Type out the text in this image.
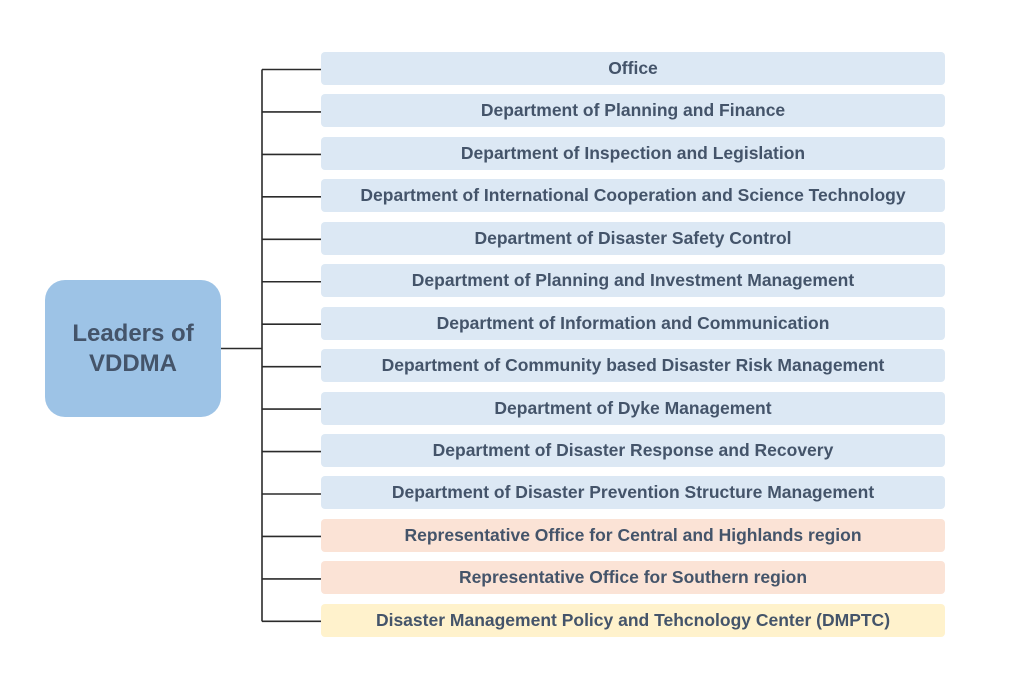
Leaders of
VDDMA
Office
Department of Planning and Finance
Department of Inspection and Legislation
Department of International Cooperation and Science Technology
Department of Disaster Safety Control
Department of Planning and Investment Management
Department of Information and Communication
Department of Community based Disaster Risk Management
Department of Dyke Management
Department of Disaster Response and Recovery
Department of Disaster Prevention Structure Management
Representative Office for Central and Highlands region
Representative Office for Southern region
Disaster Management Policy and Tehcnology Center (DMPTC)
